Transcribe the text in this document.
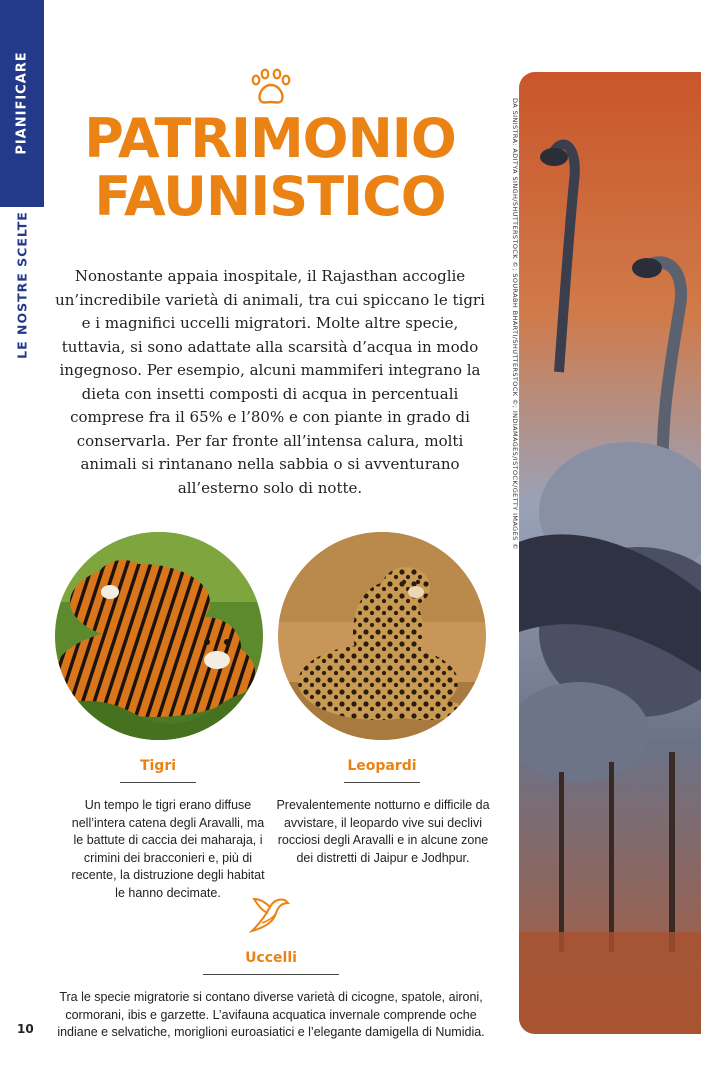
PIANIFICARE
LE NOSTRE SCELTE
PATRIMONIO
FAUNISTICO

Nonostante appaia inospitale, il Rajasthan accoglie un’incredibile varietà di animali, tra cui spiccano le tigri e i magnifici uccelli migratori. Molte altre specie, tuttavia, si sono adattate alla scarsità d’acqua in modo ingegnoso. Per esempio, alcuni mammiferi integrano la dieta con insetti composti di acqua in percentuali comprese fra il 65% e l’80% e con piante in grado di conservarla. Per far fronte all’intensa calura, molti animali si rintanano nella sabbia o si avventurano all’esterno solo di notte.

Tigri

Un tempo le tigri erano diffuse nell’intera catena degli Aravalli, ma le battute di caccia dei maharaja, i crimini dei bracconieri e, più di recente, la distruzione degli habitat le hanno decimate.

Leopardi

Prevalentemente notturno e difficile da avvistare, il leopardo vive sui declivi rocciosi degli Aravalli e in alcune zone dei distretti di Jaipur e Jodhpur.

Uccelli

Tra le specie migratorie si contano diverse varietà di cicogne, spatole, aironi, cormorani, ibis e garzette. L’avifauna acquatica invernale comprende oche indiane e selvatiche, moriglioni euroasiatici e l’elegante damigella di Numidia.

10
DA SINISTRA: ADITYA SINGH/SHUTTERSTOCK ©; SOURABH BHARTI/SHUTTERSTOCK ©; INDIAMAGES/ISTOCK/GETTY IMAGES ©
